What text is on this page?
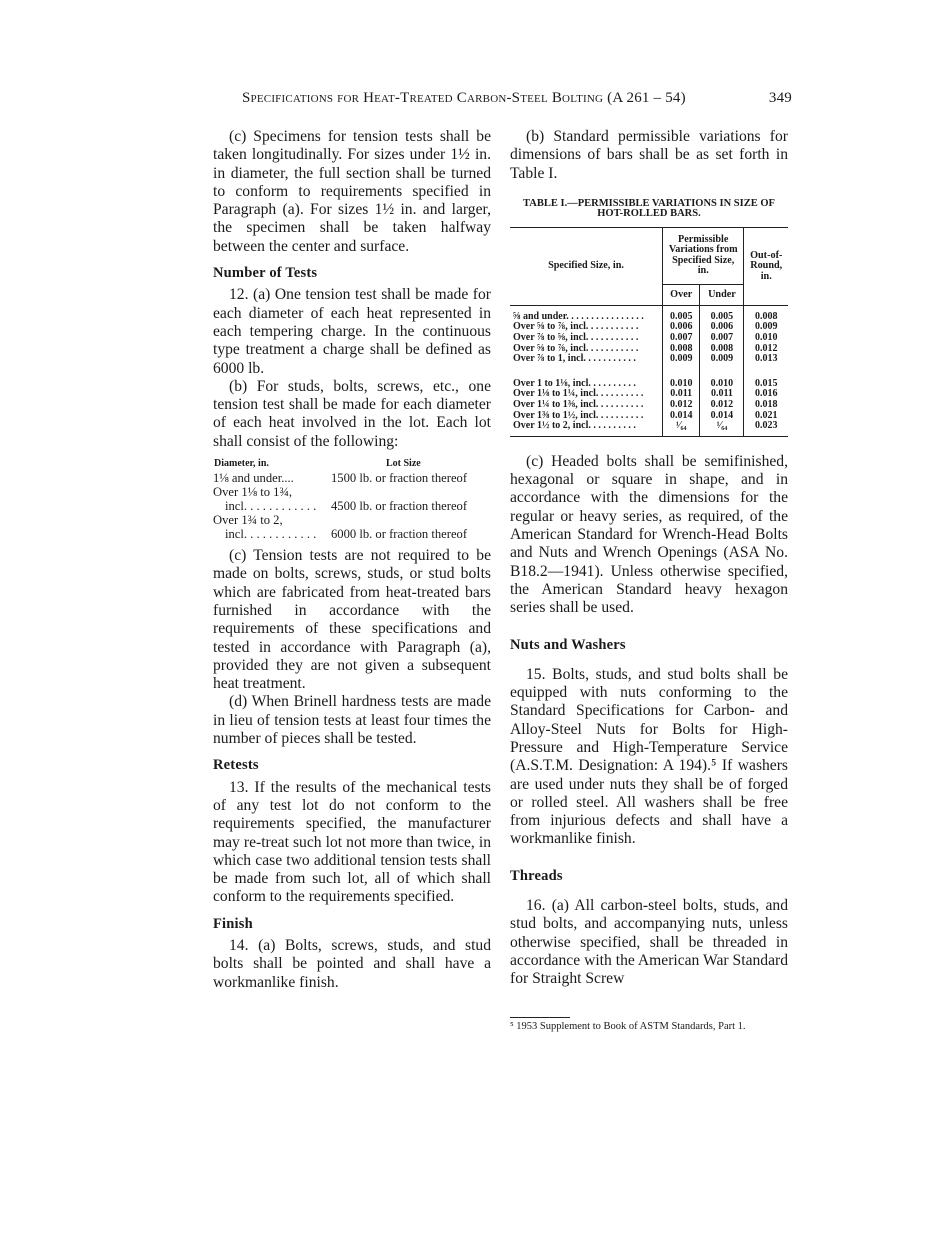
Specifications for Heat-Treated Carbon-Steel Bolting (A 261 – 54)	349

(c) Specimens for tension tests shall be taken longitudinally. For sizes under 1½ in. in diameter, the full section shall be turned to conform to requirements specified in Paragraph (a). For sizes 1½ in. and larger, the specimen shall be taken halfway between the center and surface.

Number of Tests

12. (a) One tension test shall be made for each diameter of each heat represented in each tempering charge. In the continuous type treatment a charge shall be defined as 6000 lb.

(b) For studs, bolts, screws, etc., one tension test shall be made for each diameter of each heat involved in the lot. Each lot shall consist of the following:

Diameter, in.	Lot Size
1⅛ and under....	1500 lb. or fraction thereof
Over 1⅛ to 1¾,
incl. . . . . . . . . . . .	4500 lb. or fraction thereof
Over 1¾ to 2,
incl. . . . . . . . . . . .	6000 lb. or fraction thereof

(c) Tension tests are not required to be made on bolts, screws, studs, or stud bolts which are fabricated from heat-treated bars furnished in accordance with the requirements of these specifications and tested in accordance with Paragraph (a), provided they are not given a subsequent heat treatment.

(d) When Brinell hardness tests are made in lieu of tension tests at least four times the number of pieces shall be tested.

Retests

13. If the results of the mechanical tests of any test lot do not conform to the requirements specified, the manufacturer may re-treat such lot not more than twice, in which case two additional tension tests shall be made from such lot, all of which shall conform to the requirements specified.

Finish

14. (a) Bolts, screws, studs, and stud bolts shall be pointed and shall have a workmanlike finish.

(b) Standard permissible variations for dimensions of bars shall be as set forth in Table I.

TABLE I.—PERMISSIBLE VARIATIONS IN SIZE OF
HOT-ROLLED BARS.
Specified Size, in.	Permissible Variations from Specified Size, in.		Out-of-Round, in.
	Over	Under	
⅝ and under. . . . . . . . . . . . . . . .	0.005	0.005	0.008
Over ⅝ to ⅞, incl. . . . . . . . . . .	0.006	0.006	0.009
Over ⅞ to ⅝, incl. . . . . . . . . . .	0.007	0.007	0.010
Over ⅝ to ⅞, incl. . . . . . . . . . .	0.008	0.008	0.012
Over ⅞ to 1, incl. . . . . . . . . . .	0.009	0.009	0.013
Over 1 to 1⅛, incl. . . . . . . . . .	0.010	0.010	0.015
Over 1⅛ to 1¼, incl. . . . . . . . . .	0.011	0.011	0.016
Over 1¼ to 1⅜, incl. . . . . . . . . .	0.012	0.012	0.018
Over 1⅜ to 1½, incl. . . . . . . . . .	0.014	0.014	0.021
Over 1½ to 2, incl. . . . . . . . . .	¹⁄₆₄	¹⁄₆₄	0.023

(c) Headed bolts shall be semifinished, hexagonal or square in shape, and in accordance with the dimensions for the regular or heavy series, as required, of the American Standard for Wrench-Head Bolts and Nuts and Wrench Openings (ASA No. B18.2—1941). Unless otherwise specified, the American Standard heavy hexagon series shall be used.

Nuts and Washers

15. Bolts, studs, and stud bolts shall be equipped with nuts conforming to the Standard Specifications for Carbon- and Alloy-Steel Nuts for Bolts for High-Pressure and High-Temperature Service (A.S.T.M. Designation: A 194).⁵ If washers are used under nuts they shall be of forged or rolled steel. All washers shall be free from injurious defects and shall have a workmanlike finish.

Threads

16. (a) All carbon-steel bolts, studs, and stud bolts, and accompanying nuts, unless otherwise specified, shall be threaded in accordance with the American War Standard for Straight Screw

⁵ 1953 Supplement to Book of ASTM Standards, Part 1.
